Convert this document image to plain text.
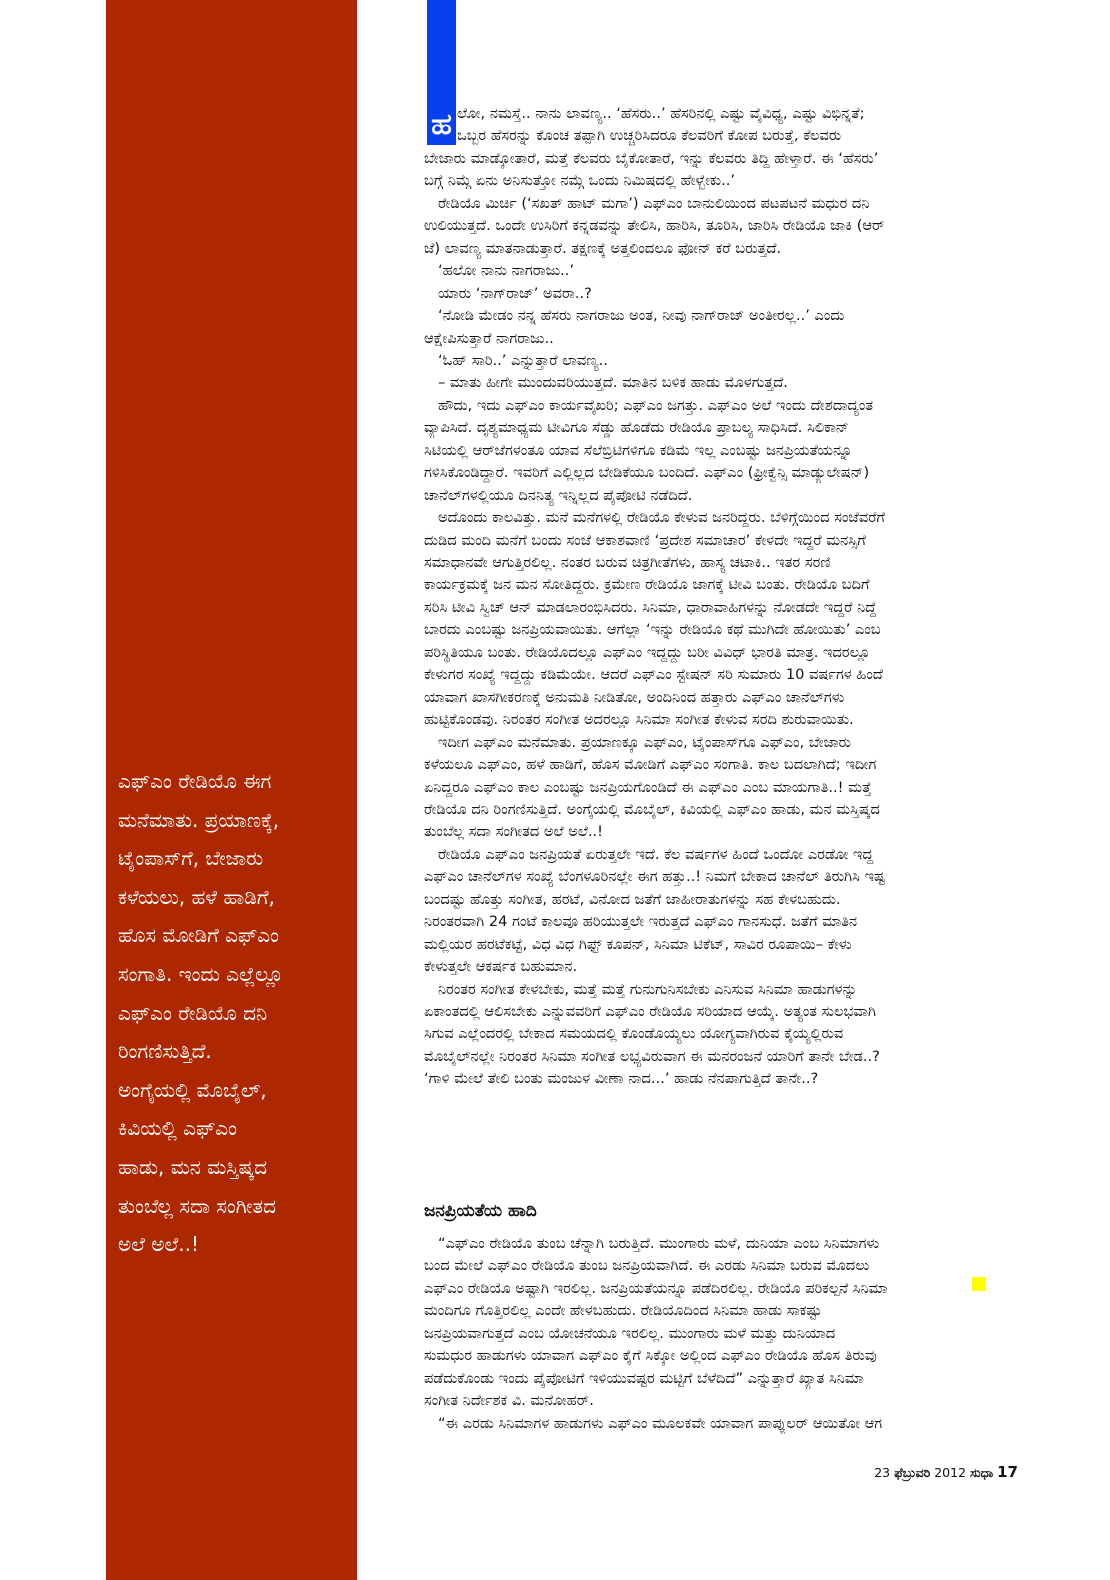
ಎಫ್‌ಎಂ ರೇಡಿಯೊ ಈಗ
ಮನೆಮಾತು. ಪ್ರಯಾಣಕ್ಕೆ,
ಟೈಂಪಾಸ್‌ಗೆ, ಬೇಜಾರು
ಕಳೆಯಲು, ಹಳೆ ಹಾಡಿಗೆ,
ಹೊಸ ಮೋಡಿಗೆ ಎಫ್‌ಎಂ
ಸಂಗಾತಿ. ಇಂದು ಎಲ್ಲೆಲ್ಲೂ
ಎಫ್‌ಎಂ ರೇಡಿಯೊ ದನಿ
ರಿಂಗಣಿಸುತ್ತಿದೆ.
ಅಂಗೈಯಲ್ಲಿ ಮೊಬೈಲ್,
ಕಿವಿಯಲ್ಲಿ ಎಫ್‌ಎಂ
ಹಾಡು, ಮನ ಮಸ್ತಿಷ್ಕದ
ತುಂಬೆಲ್ಲ ಸದಾ ಸಂಗೀತದ
ಅಲೆ ಅಲೆ..!
ಉಮಾ ಅನಂತ್
ಹ ಲೋ, ನಮಸ್ತೆ.. ನಾನು ಲಾವಣ್ಯ.. ‘ಹೆಸರು..’ ಹೆಸರಿನಲ್ಲಿ ಎಷ್ಟು ವೈವಿಧ್ಯ, ಎಷ್ಟು ವಿಭಿನ್ನತೆ;
ಒಬ್ಬರ ಹೆಸರನ್ನು ಕೊಂಚ ತಪ್ಪಾಗಿ ಉಚ್ಚರಿಸಿದರೂ ಕೆಲವರಿಗೆ ಕೋಪ ಬರುತ್ತೆ, ಕೆಲವರು
ಬೇಜಾರು ಮಾಡ್ಕೋತಾರೆ, ಮತ್ತೆ ಕೆಲವರು ಬೈಕೋತಾರೆ, ಇನ್ನು ಕೆಲವರು ತಿದ್ದಿ ಹೇಳ್ತಾರೆ. ಈ ‘ಹೆಸರು’
ಬಗ್ಗೆ ನಿಮ್ಗೆ ಏನು ಅನಿಸುತ್ತೋ ನಮ್ಗೆ ಒಂದು ನಿಮಿಷದಲ್ಲಿ ಹೇಳ್ಬೇಕು..’
ರೇಡಿಯೊ ಮಿರ್ಚಿ (‘ಸಖತ್ ಹಾಟ್ ಮಗಾ’) ಎಫ್‌ಎಂ ಬಾನುಲಿಯಿಂದ ಪಟಪಟನೆ ಮಧುರ ದನಿ
ಉಲಿಯುತ್ತದೆ. ಒಂದೇ ಉಸಿರಿಗೆ ಕನ್ನಡವನ್ನು ತೇಲಿಸಿ, ಹಾರಿಸಿ, ತೂರಿಸಿ, ಜಾರಿಸಿ ರೇಡಿಯೊ ಜಾಕಿ (ಆರ್
ಜೆ) ಲಾವಣ್ಯ ಮಾತನಾಡುತ್ತಾರೆ. ತಕ್ಷಣಕ್ಕೆ ಅತ್ತಲಿಂದಲೂ ಫೋನ್ ಕರೆ ಬರುತ್ತದೆ.
‘ಹಲೋ ನಾನು ನಾಗರಾಜು..’
ಯಾರು ‘ನಾಗ್‌ರಾಜ್’ ಅವರಾ..?
‘ನೋಡಿ ಮೇಡಂ ನನ್ನ ಹೆಸರು ನಾಗರಾಜು ಅಂತ, ನೀವು ನಾಗ್‌ರಾಜ್ ಅಂತೀರಲ್ಲ..’ ಎಂದು
ಆಕ್ಷೇಪಿಸುತ್ತಾರೆ ನಾಗರಾಜು..
‘ಓಹ್ ಸಾರಿ..’ ಎನ್ನುತ್ತಾರೆ ಲಾವಣ್ಯ..
– ಮಾತು ಹೀಗೇ ಮುಂದುವರಿಯುತ್ತದೆ. ಮಾತಿನ ಬಳಿಕ ಹಾಡು ಮೊಳಗುತ್ತದೆ.
ಹೌದು, ಇದು ಎಫ್‌ಎಂ ಕಾರ್ಯವೈಖರಿ; ಎಫ್‌ಎಂ ಜಗತ್ತು. ಎಫ್‌ಎಂ ಅಲೆ ಇಂದು ದೇಶದಾದ್ಯಂತ
ವ್ಯಾಪಿಸಿದೆ. ದೃಶ್ಯಮಾಧ್ಯಮ ಟೀವಿಗೂ ಸೆಡ್ಡು ಹೊಡೆದು ರೇಡಿಯೊ ಪ್ರಾಬಲ್ಯ ಸಾಧಿಸಿದೆ. ಸಿಲಿಕಾನ್
ಸಿಟಿಯಲ್ಲಿ ಆರ್‌ಜೆಗಳಂತೂ ಯಾವ ಸೆಲೆಬ್ರಿಟಿಗಳಿಗೂ ಕಡಿಮೆ ಇಲ್ಲ ಎಂಬಷ್ಟು ಜನಪ್ರಿಯತೆಯನ್ನೂ
ಗಳಿಸಿಕೊಂಡಿದ್ದಾರೆ. ಇವರಿಗೆ ಎಲ್ಲಿಲ್ಲದ ಬೇಡಿಕೆಯೂ ಬಂದಿದೆ. ಎಫ್‌ಎಂ (ಫ್ರೀಕ್ವೆನ್ಸಿ ಮಾಡ್ಯುಲೇಷನ್)
ಚಾನೆಲ್‌ಗಳಲ್ಲಿಯೂ ದಿನನಿತ್ಯ ಇನ್ನಿಲ್ಲದ ಪೈಪೋಟಿ ನಡೆದಿದೆ.
ಅದೊಂದು ಕಾಲವಿತ್ತು. ಮನೆ ಮನೆಗಳಲ್ಲಿ ರೇಡಿಯೊ ಕೇಳುವ ಜನರಿದ್ದರು. ಬೆಳಿಗ್ಗೆಯಿಂದ ಸಂಜೆವರೆಗೆ
ದುಡಿದ ಮಂದಿ ಮನೆಗೆ ಬಂದು ಸಂಜೆ ಆಕಾಶವಾಣಿ ‘ಪ್ರದೇಶ ಸಮಾಚಾರ’ ಕೇಳದೇ ಇದ್ದರೆ ಮನಸ್ಸಿಗೆ
ಸಮಾಧಾನವೇ ಆಗುತ್ತಿರಲಿಲ್ಲ. ನಂತರ ಬರುವ ಚಿತ್ರಗೀತೆಗಳು, ಹಾಸ್ಯ ಚಟಾಕಿ.. ಇತರ ಸರಣಿ
ಕಾರ್ಯಕ್ರಮಕ್ಕೆ ಜನ ಮನ ಸೋತಿದ್ದರು. ಕ್ರಮೇಣ ರೇಡಿಯೊ ಜಾಗಕ್ಕೆ ಟೀವಿ ಬಂತು. ರೇಡಿಯೊ ಬದಿಗೆ
ಸರಿಸಿ ಟೀವಿ ಸ್ವಿಚ್ ಆನ್ ಮಾಡಲಾರಂಭಿಸಿದರು. ಸಿನಿಮಾ, ಧಾರಾವಾಹಿಗಳನ್ನು ನೋಡದೇ ಇದ್ದರೆ ನಿದ್ದೆ
ಬಾರದು ಎಂಬಷ್ಟು ಜನಪ್ರಿಯವಾಯಿತು. ಆಗೆಲ್ಲಾ ‘ಇನ್ನು ರೇಡಿಯೊ ಕಥೆ ಮುಗಿದೇ ಹೋಯಿತು’ ಎಂಬ
ಪರಿಸ್ಥಿತಿಯೂ ಬಂತು. ರೇಡಿಯೊದಲ್ಲೂ ಎಫ್‌ಎಂ ಇದ್ದದ್ದು ಬರೀ ವಿವಿಧ್ ಭಾರತಿ ಮಾತ್ರ. ಇದರಲ್ಲೂ
ಕೇಳುಗರ ಸಂಖ್ಯೆ ಇದ್ದದ್ದು ಕಡಿಮೆಯೇ. ಆದರೆ ಎಫ್‌ಎಂ ಸ್ಟೇಷನ್ ಸರಿ ಸುಮಾರು 10 ವರ್ಷಗಳ ಹಿಂದೆ
ಯಾವಾಗ ಖಾಸಗೀಕರಣಕ್ಕೆ ಅನುಮತಿ ನೀಡಿತೋ, ಅಂದಿನಿಂದ ಹತ್ತಾರು ಎಫ್‌ಎಂ ಚಾನೆಲ್‌ಗಳು
ಹುಟ್ಟಿಕೊಂಡವು. ನಿರಂತರ ಸಂಗೀತ ಅದರಲ್ಲೂ ಸಿನಿಮಾ ಸಂಗೀತ ಕೇಳುವ ಸರದಿ ಶುರುವಾಯಿತು.
ಇದೀಗ ಎಫ್‌ಎಂ ಮನೆಮಾತು. ಪ್ರಯಾಣಕ್ಕೂ ಎಫ್‌ಎಂ, ಟೈಂಪಾಸ್‌ಗೂ ಎಫ್‌ಎಂ, ಬೇಜಾರು
ಕಳೆಯಲೂ ಎಫ್‌ಎಂ, ಹಳೆ ಹಾಡಿಗೆ, ಹೊಸ ಮೋಡಿಗೆ ಎಫ್‌ಎಂ ಸಂಗಾತಿ. ಕಾಲ ಬದಲಾಗಿದೆ; ಇದೀಗ
ಏನಿದ್ದರೂ ಎಫ್‌ಎಂ ಕಾಲ ಎಂಬಷ್ಟು ಜನಪ್ರಿಯಗೊಂಡಿದೆ ಈ ಎಫ್‌ಎಂ ಎಂಬ ಮಾಯಗಾತಿ..! ಮತ್ತೆ
ರೇಡಿಯೊ ದನಿ ರಿಂಗಣಿಸುತ್ತಿದೆ. ಅಂಗೈಯಲ್ಲಿ ಮೊಬೈಲ್, ಕಿವಿಯಲ್ಲಿ ಎಫ್‌ಎಂ ಹಾಡು, ಮನ ಮಸ್ತಿಷ್ಕದ
ತುಂಬೆಲ್ಲ ಸದಾ ಸಂಗೀತದ ಅಲೆ ಅಲೆ..!
ರೇಡಿಯೊ ಎಫ್‌ಎಂ ಜನಪ್ರಿಯತೆ ಏರುತ್ತಲೇ ಇದೆ. ಕೆಲ ವರ್ಷಗಳ ಹಿಂದೆ ಒಂದೋ ಎರಡೋ ಇದ್ದ
ಎಫ್‌ಎಂ ಚಾನೆಲ್‌ಗಳ ಸಂಖ್ಯೆ ಬೆಂಗಳೂರಿನಲ್ಲೇ ಈಗ ಹತ್ತು..! ನಿಮಗೆ ಬೇಕಾದ ಚಾನೆಲ್ ತಿರುಗಿಸಿ ಇಷ್ಟ
ಬಂದಷ್ಟು ಹೊತ್ತು ಸಂಗೀತ, ಹರಟೆ, ವಿನೋದ ಜತೆಗೆ ಜಾಹೀರಾತುಗಳನ್ನು ಸಹ ಕೇಳಬಹುದು.
ನಿರಂತರವಾಗಿ 24 ಗಂಟೆ ಕಾಲವೂ ಹರಿಯುತ್ತಲೇ ಇರುತ್ತದೆ ಎಫ್‌ಎಂ ಗಾನಸುಧೆ. ಜತೆಗೆ ಮಾತಿನ
ಮಲ್ಲಿಯರ ಹರಟೆಕಟ್ಟೆ, ವಿಧ ವಿಧ ಗಿಫ್ಟ್ ಕೂಪನ್, ಸಿನಿಮಾ ಟಿಕೆಟ್, ಸಾವಿರ ರೂಪಾಯಿ– ಕೇಳು
ಕೇಳುತ್ತಲೇ ಆಕರ್ಷಕ ಬಹುಮಾನ.
ನಿರಂತರ ಸಂಗೀತ ಕೇಳಬೇಕು, ಮತ್ತೆ ಮತ್ತೆ ಗುನುಗುನಿಸಬೇಕು ಎನಿಸುವ ಸಿನಿಮಾ ಹಾಡುಗಳನ್ನು
ಏಕಾಂತದಲ್ಲಿ ಆಲಿಸಬೇಕು ಎನ್ನುವವರಿಗೆ ಎಫ್‌ಎಂ ರೇಡಿಯೊ ಸರಿಯಾದ ಆಯ್ಕೆ. ಅತ್ಯಂತ ಸುಲಭವಾಗಿ
ಸಿಗುವ ಎಲ್ಲೆಂದರಲ್ಲಿ ಬೇಕಾದ ಸಮಯದಲ್ಲಿ ಕೊಂಡೊಯ್ಯಲು ಯೋಗ್ಯವಾಗಿರುವ ಕೈಯ್ಯಲ್ಲಿರುವ
ಮೊಬೈಲ್‌ನಲ್ಲೇ ನಿರಂತರ ಸಿನಿಮಾ ಸಂಗೀತ ಲಭ್ಯವಿರುವಾಗ ಈ ಮನರಂಜನೆ ಯಾರಿಗೆ ತಾನೇ ಬೇಡ..?
‘ಗಾಳಿ ಮೇಲೆ ತೇಲಿ ಬಂತು ಮಂಜುಳ ವೀಣಾ ನಾದ...’ ಹಾಡು ನೆನಪಾಗುತ್ತಿದೆ ತಾನೇ..?
ಜನಪ್ರಿಯತೆಯ ಹಾದಿ
“ಎಫ್‌ಎಂ ರೇಡಿಯೊ ತುಂಬ ಚೆನ್ನಾಗಿ ಬರುತ್ತಿದೆ. ಮುಂಗಾರು ಮಳೆ, ದುನಿಯಾ ಎಂಬ ಸಿನಿಮಾಗಳು
ಬಂದ ಮೇಲೆ ಎಫ್‌ಎಂ ರೇಡಿಯೊ ತುಂಬ ಜನಪ್ರಿಯವಾಗಿದೆ. ಈ ಎರಡು ಸಿನಿಮಾ ಬರುವ ಮೊದಲು
ಎಫ್‌ಎಂ ರೇಡಿಯೊ ಅಷ್ಟಾಗಿ ಇರಲಿಲ್ಲ. ಜನಪ್ರಿಯತೆಯನ್ನೂ ಪಡೆದಿರಲಿಲ್ಲ. ರೇಡಿಯೊ ಪರಿಕಲ್ಪನೆ ಸಿನಿಮಾ
ಮಂದಿಗೂ ಗೊತ್ತಿರಲಿಲ್ಲ ಎಂದೇ ಹೇಳಬಹುದು. ರೇಡಿಯೊದಿಂದ ಸಿನಿಮಾ ಹಾಡು ಸಾಕಷ್ಟು
ಜನಪ್ರಿಯವಾಗುತ್ತದೆ ಎಂಬ ಯೋಚನೆಯೂ ಇರಲಿಲ್ಲ. ಮುಂಗಾರು ಮಳೆ ಮತ್ತು ದುನಿಯಾದ
ಸುಮಧುರ ಹಾಡುಗಳು ಯಾವಾಗ ಎಫ್‌ಎಂ ಕೈಗೆ ಸಿಕ್ಕೋ ಅಲ್ಲಿಂದ ಎಫ್‌ಎಂ ರೇಡಿಯೊ ಹೊಸ ತಿರುವು
ಪಡೆದುಕೊಂಡು ಇಂದು ಪೈಪೋಟಿಗೆ ಇಳಿಯುವಷ್ಟರ ಮಟ್ಟಿಗೆ ಬೆಳೆದಿದೆ” ಎನ್ನುತ್ತಾರೆ ಖ್ಯಾತ ಸಿನಿಮಾ
ಸಂಗೀತ ನಿರ್ದೇಶಕ ವಿ. ಮನೋಹರ್.
“ಈ ಎರಡು ಸಿನಿಮಾಗಳ ಹಾಡುಗಳು ಎಫ್‌ಎಂ ಮೂಲಕವೇ ಯಾವಾಗ ಪಾಪ್ಯುಲರ್ ಆಯಿತೋ ಆಗ
23 ಫೆಬ್ರುವರಿ 2012 ಸುಧಾ 17
